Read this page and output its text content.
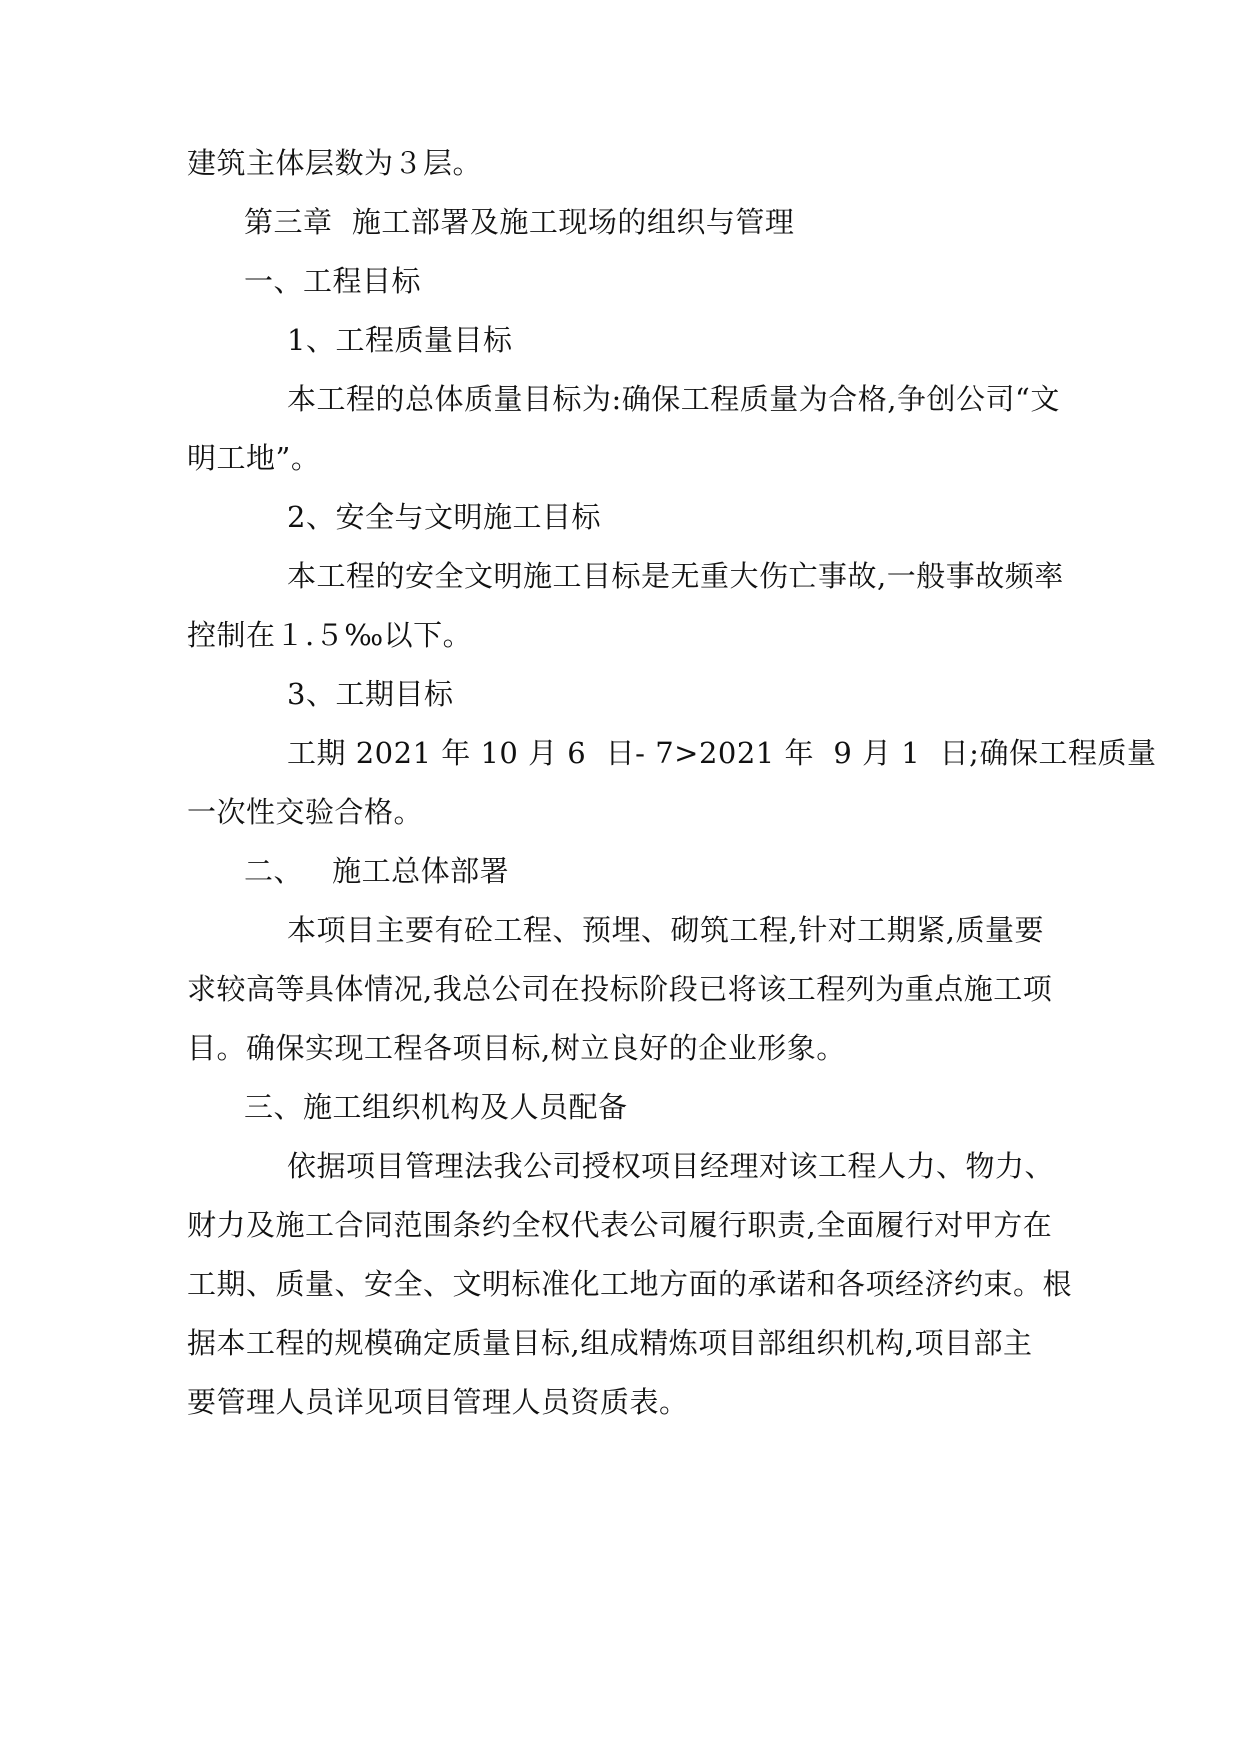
建筑主体层数为３层。
第三章  施工部署及施工现场的组织与管理
一、工程目标
1、工程质量目标
本工程的总体质量目标为:确保工程质量为合格,争创公司“文
明工地”。
2、安全与文明施工目标
本工程的安全文明施工目标是无重大伤亡事故,一般事故频率
控制在１.５‰以下。
3、工期目标
工期 2021 年 10 月 6  日- 7>2021 年  9 月 1  日;确保工程质量
一次性交验合格。
二、   施工总体部署
本项目主要有砼工程、预埋、砌筑工程,针对工期紧,质量要
求较高等具体情况,我总公司在投标阶段已将该工程列为重点施工项
目。确保实现工程各项目标,树立良好的企业形象。
三、施工组织机构及人员配备
依据项目管理法我公司授权项目经理对该工程人力、物力、
财力及施工合同范围条约全权代表公司履行职责,全面履行对甲方在
工期、质量、安全、文明标准化工地方面的承诺和各项经济约束。根
据本工程的规模确定质量目标,组成精炼项目部组织机构,项目部主
要管理人员详见项目管理人员资质表。
